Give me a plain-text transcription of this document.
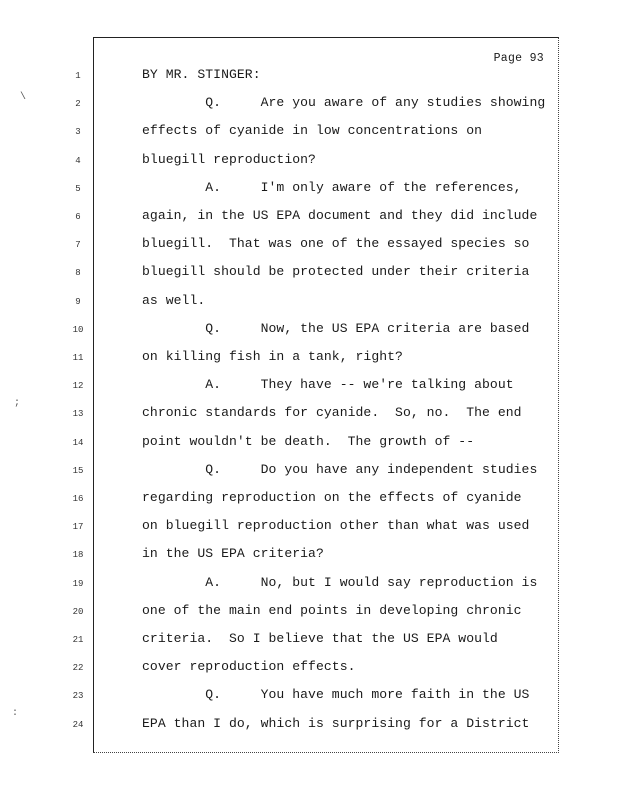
Page 93
1	BY MR. STINGER:
2	Q.     Are you aware of any studies showing
3	effects of cyanide in low concentrations on
4	bluegill reproduction?
5	A.     I'm only aware of the references,
6	again, in the US EPA document and they did include
7	bluegill.  That was one of the essayed species so
8	bluegill should be protected under their criteria
9	as well.
10	Q.     Now, the US EPA criteria are based
11	on killing fish in a tank, right?
12	A.     They have -- we're talking about
13	chronic standards for cyanide.  So, no.  The end
14	point wouldn't be death.  The growth of --
15	Q.     Do you have any independent studies
16	regarding reproduction on the effects of cyanide
17	on bluegill reproduction other than what was used
18	in the US EPA criteria?
19	A.     No, but I would say reproduction is
20	one of the main end points in developing chronic
21	criteria.  So I believe that the US EPA would
22	cover reproduction effects.
23	Q.     You have much more faith in the US
24	EPA than I do, which is surprising for a District
\
;
:
